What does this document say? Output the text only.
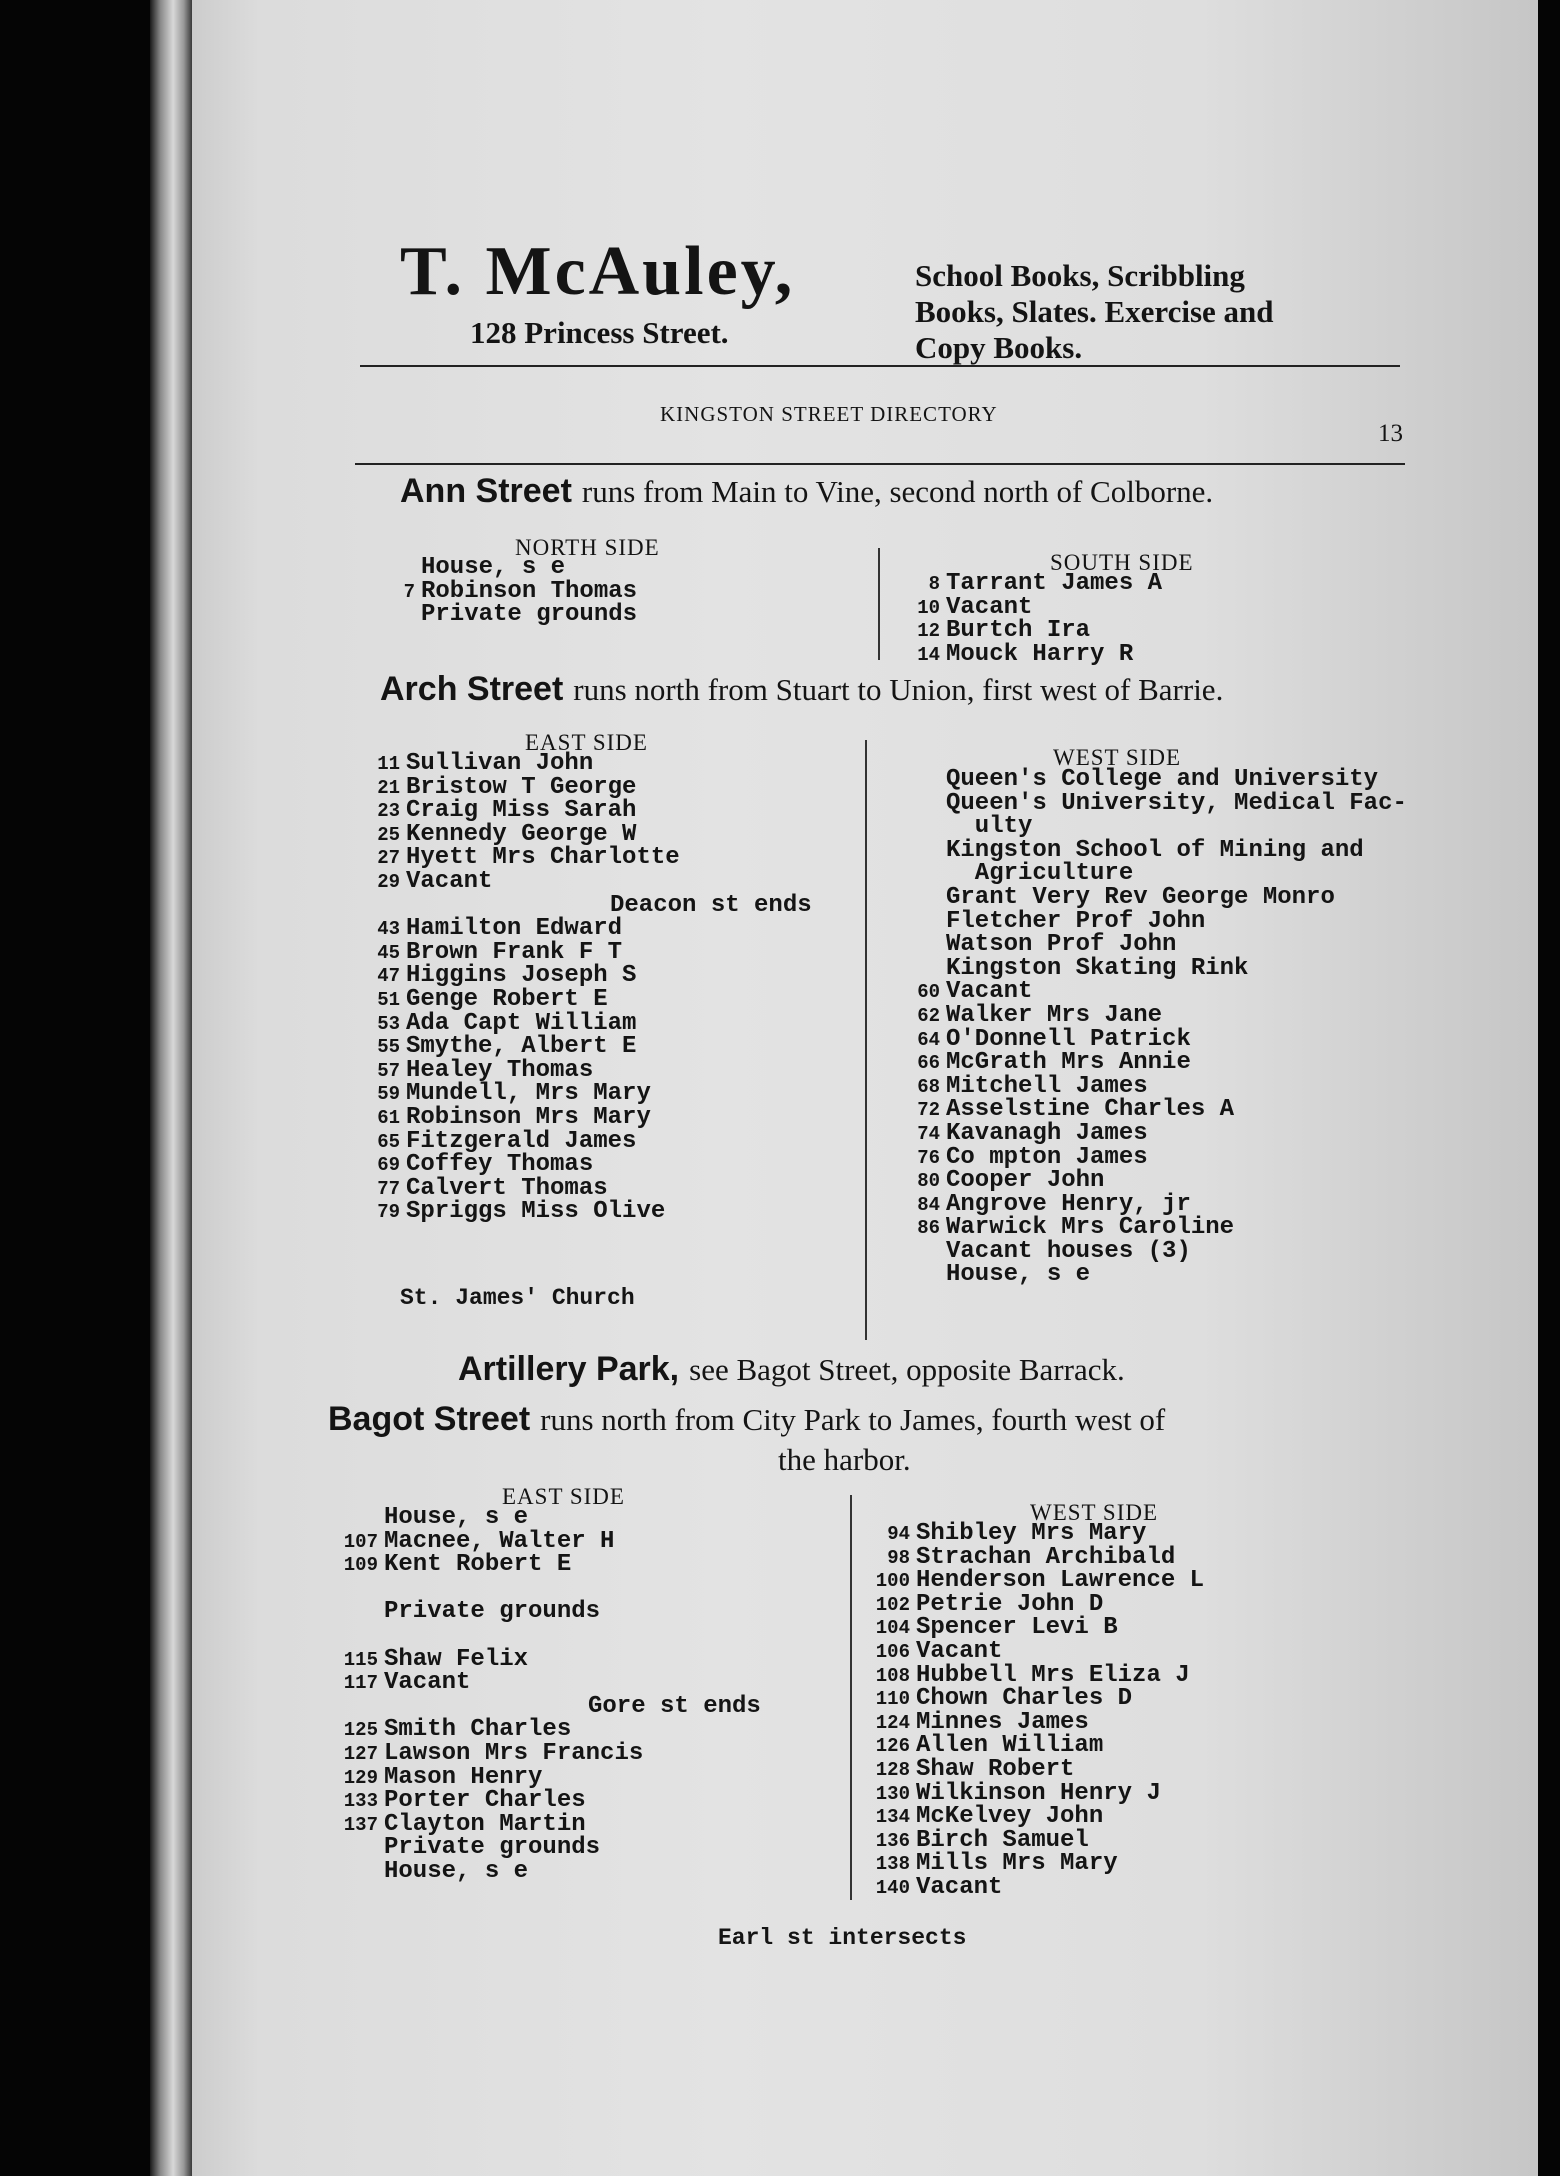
T. McAuley,
128 Princess Street.
School Books, Scribbling
Books, Slates. Exercise and
Copy Books.
KINGSTON STREET DIRECTORY
13
Ann Street runs from Main to Vine, second north of Colborne.
NORTH SIDE
House, s e
7 Robinson Thomas
Private grounds
SOUTH SIDE
8 Tarrant James A
10 Vacant
12 Burtch Ira
14 Mouck Harry R
Arch Street runs north from Stuart to Union, first west of Barrie.
EAST SIDE
11 Sullivan John
21 Bristow T George
23 Craig Miss Sarah
25 Kennedy George W
27 Hyett Mrs Charlotte
29 Vacant
Deacon st ends
43 Hamilton Edward
45 Brown Frank F T
47 Higgins Joseph S
51 Genge Robert E
53 Ada Capt William
55 Smythe, Albert E
57 Healey Thomas
59 Mundell, Mrs Mary
61 Robinson Mrs Mary
65 Fitzgerald James
69 Coffey Thomas
77 Calvert Thomas
79 Spriggs Miss Olive
St. James' Church
WEST SIDE
Queen's College and University
Queen's University, Medical Fac-
ulty
Kingston School of Mining and
Agriculture
Grant Very Rev George Monro
Fletcher Prof John
Watson Prof John
Kingston Skating Rink
60 Vacant
62 Walker Mrs Jane
64 O'Donnell Patrick
66 McGrath Mrs Annie
68 Mitchell James
72 Asselstine Charles A
74 Kavanagh James
76 Co mpton James
80 Cooper John
84 Angrove Henry, jr
86 Warwick Mrs Caroline
Vacant houses (3)
House, s e
Artillery Park, see Bagot Street, opposite Barrack.
Bagot Street runs north from City Park to James, fourth west of
the harbor.
EAST SIDE
House, s e
107 Macnee, Walter H
109 Kent Robert E
Private grounds
115 Shaw Felix
117 Vacant
Gore st ends
125 Smith Charles
127 Lawson Mrs Francis
129 Mason Henry
133 Porter Charles
137 Clayton Martin
Private grounds
House, s e
WEST SIDE
94 Shibley Mrs Mary
98 Strachan Archibald
100 Henderson Lawrence L
102 Petrie John D
104 Spencer Levi B
106 Vacant
108 Hubbell Mrs Eliza J
110 Chown Charles D
124 Minnes James
126 Allen William
128 Shaw Robert
130 Wilkinson Henry J
134 McKelvey John
136 Birch Samuel
138 Mills Mrs Mary
140 Vacant
Earl st intersects
